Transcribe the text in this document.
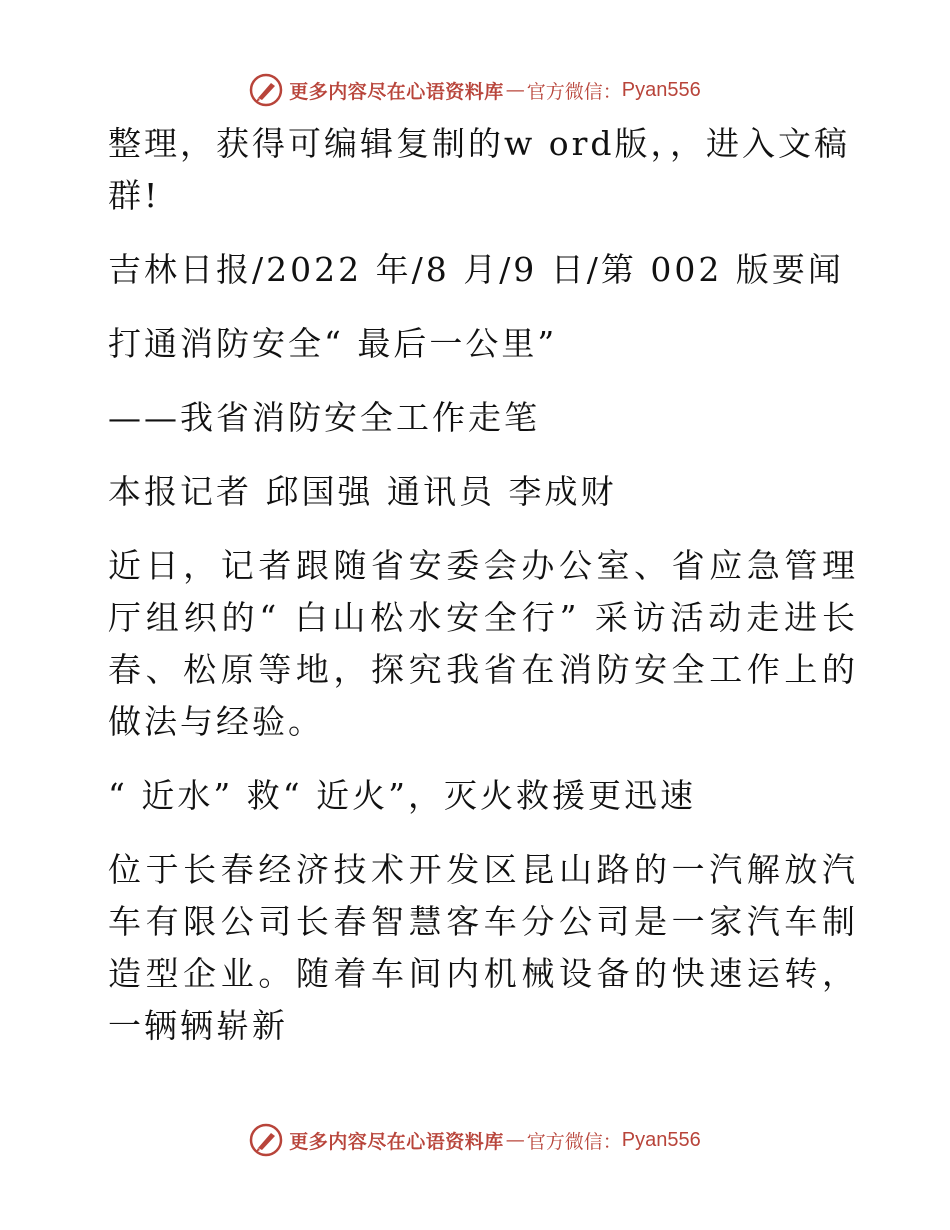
更多内容尽在心语资料库 — 官方微信： Pyan556

整理，获得可编辑复制的w ord版，，进入文稿群!

吉林日报/2022 年/8 月/9 日/第 002 版要闻

打通消防安全“ 最后一公里”

——我省消防安全工作走笔

本报记者 邱国强 通讯员 李成财

近日，记者跟随省安委会办公室、省应急管理厅组织的“ 白山松水安全行” 采访活动走进长春、松原等地，探究我省在消防安全工作上的做法与经验。

“ 近水” 救“ 近火”，灭火救援更迅速

位于长春经济技术开发区昆山路的一汽解放汽车有限公司长春智慧客车分公司是一家汽车制造型企业。随着车间内机械设备的快速运转，一辆辆崭新

更多内容尽在心语资料库 — 官方微信： Pyan556
